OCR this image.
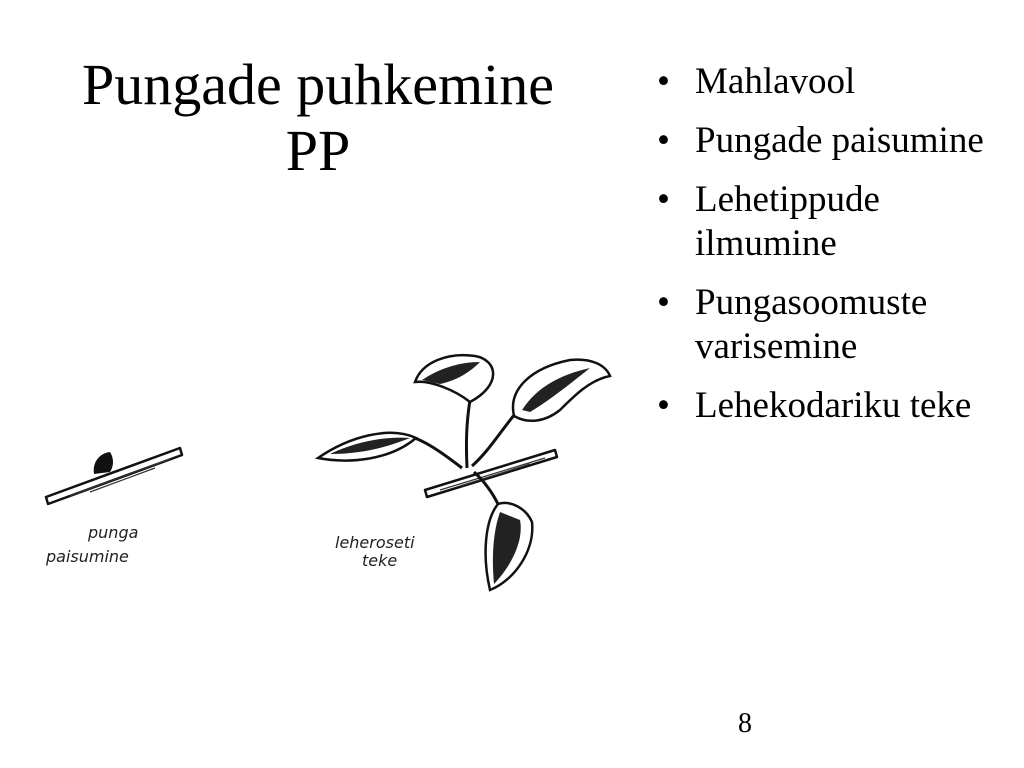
Pungade puhkemine
PP
• Mahlavool
• Pungade paisumine
• Lehetippude ilmumine
• Pungasoomuste varisemine
• Lehekodariku teke
punga
paisumine
leheroseti
teke
8
